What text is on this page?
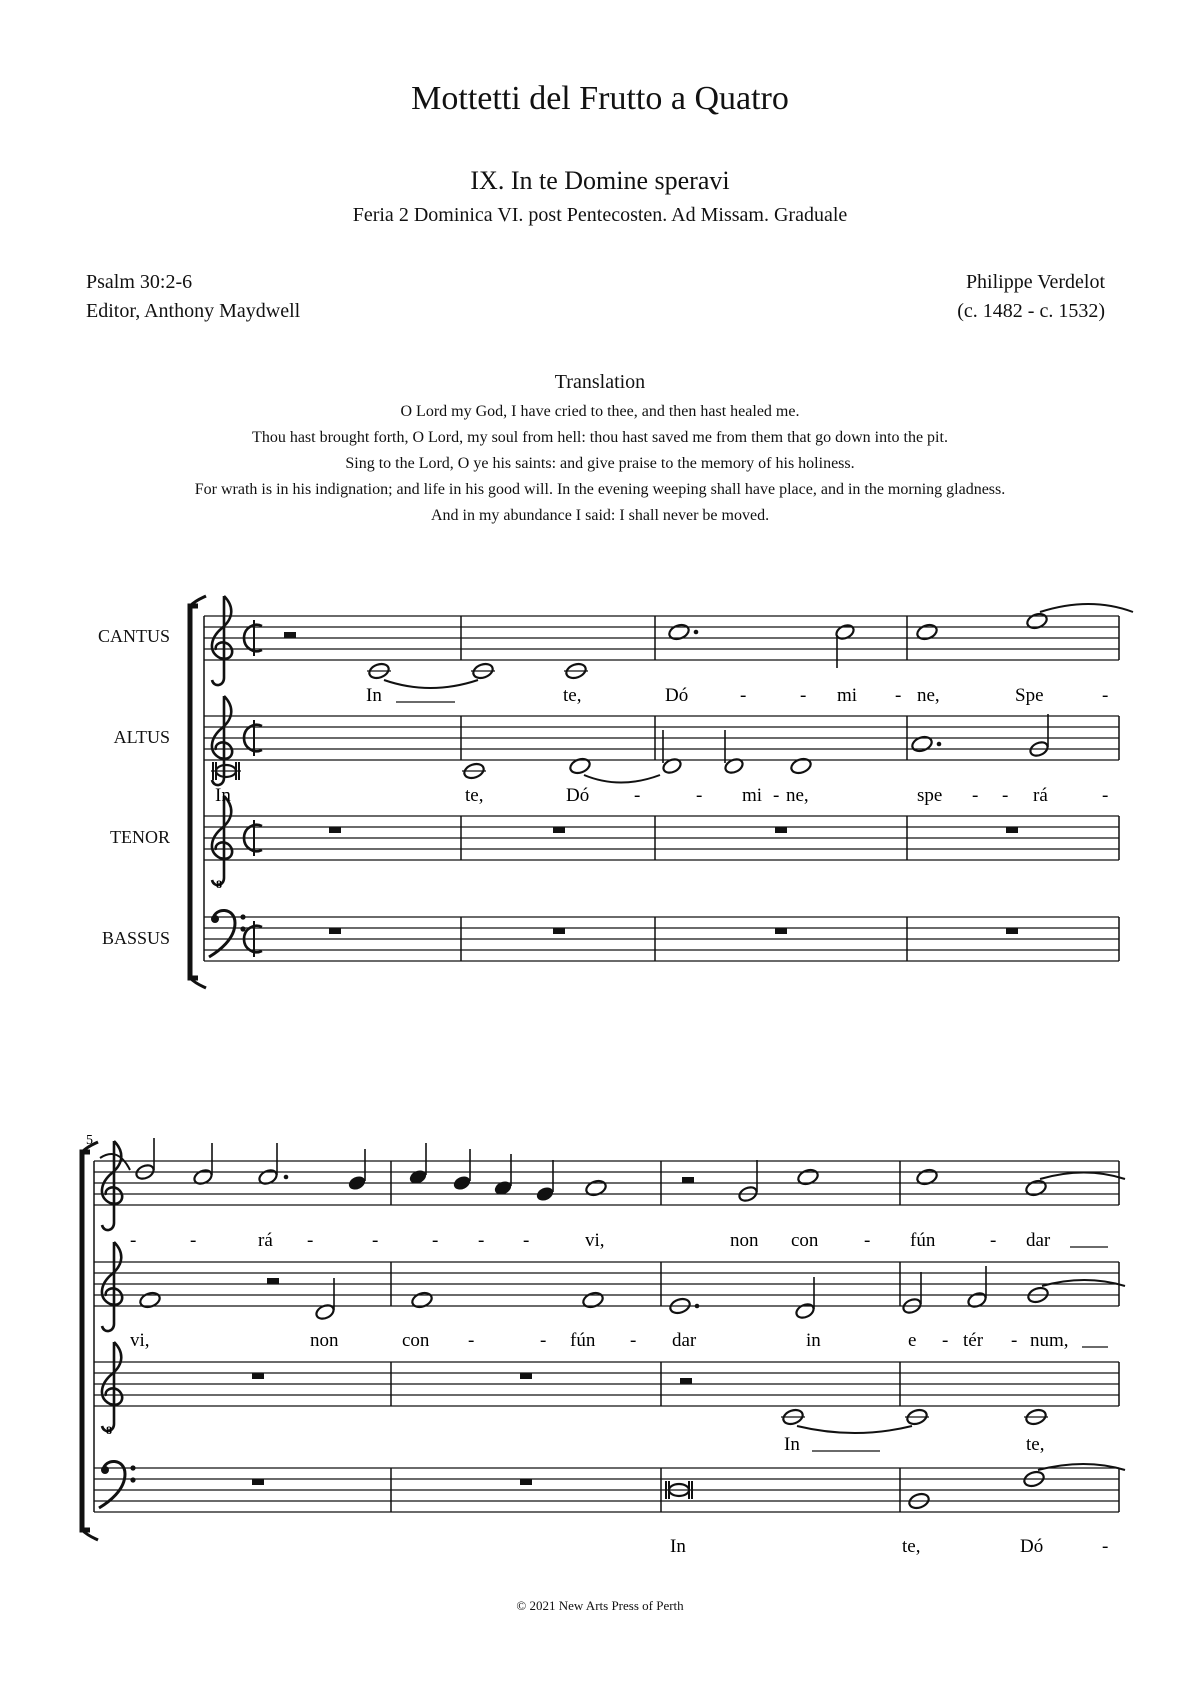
Mottetti del Frutto a Quatro
IX. In te Domine speravi
Feria 2 Dominica VI. post Pentecosten. Ad Missam. Graduale
Psalm 30:2-6
Editor, Anthony Maydwell
Philippe Verdelot
(c. 1482 - c. 1532)
Translation
O Lord my God, I have cried to thee, and then hast healed me.
Thou hast brought forth, O Lord, my soul from hell: thou hast saved me from them that go down into the pit.
Sing to the Lord, O ye his saints: and give praise to the memory of his holiness.
For wrath is in his indignation; and life in his good will. In the evening weeping shall have place, and in the morning gladness.
And in my abundance I said: I shall never be moved.
CANTUS
ALTUS
TENOR
BASSUS
8
In	te,	Dó	-	- mi - ne,	Spe	-
In	te,	Dó -	- mi - ne,	spe - - rá	-
5
8
-	-	rá -	-	- - -	vi,	non con - fún	- dar
vi,	non	con -	- fún - dar	in	e - tér - num,
In	te,
In	te,	Dó	-
© 2021 New Arts Press of Perth
